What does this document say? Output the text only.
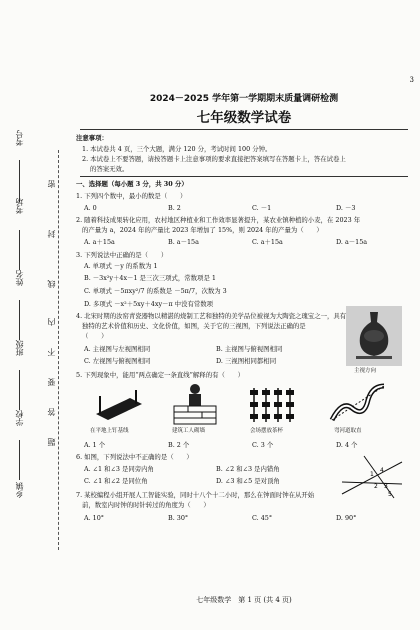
考号
考场
姓名
班级
学校
乡镇
密
封
线
内
不
要
答
题
3
2024－2025 学年第一学期期末质量调研检测
七年级数学试卷
注意事项：
1. 本试卷共 4 页，三个大题，满分 120 分，考试时间 100 分钟。
2. 本试卷上不要答题，请按答题卡上注意事项的要求直接把答案填写在答题卡上，答在试卷上
的答案无效。
一、选择题（每小题 3 分，共 30 分）
1. 下列四个数中，最小的数是（　　）
A. 0	B. 2	C. －1	D. －3
2. 随着科技成果转化应用，农村地区种植业和工作效率显著提升，某农业镇种植的小麦，在 2023 年
的产量为 a，2024 年的产量比 2023 年增加了 15%，则 2024 年的产量为（　　）
A. a＋15a	B. a－15a	C. a＋15a	D. a－15a
3. 下列说法中正确的是（　　）
A. 单项式 －y 的系数为 1
B. －3x²y＋4x－1 是三次三项式，常数项是 1
C. 单项式 －5πxy²/7 的系数是 －5π/7，次数为 3
D. 多项式 －x²＋5xy＋4xy－π 中没有常数项
4. 北宋时期的汝窑青瓷器物以精湛的烧制工艺和独特的美学品位被视为大陶瓷之瑰宝之一，具有
独特的艺术价值和历史、文化价值，如图，关于它的三视图，下列说法正确的是
（　　）
A. 主视图与左视图相同	B. 主视图与俯视图相同
C. 左视图与俯视图相同	D. 三视图相同都相同
主视方向
5. 下列现象中，能用“两点确定一条直线”解释的有（　　）
在平地上钉基线	建筑工人砌墙	会场摆放茶杯	弯河道取直
A. 1 个	B. 2 个	C. 3 个	D. 4 个
6. 如图，下列说法中不正确的是（　　）
A. ∠1 和∠3 是同旁内角	B. ∠2 和∠3 是内错角
C. ∠1 和∠2 是同位角	D. ∠3 和∠5 是对顶角
1
2 3
5
4
7. 某校编程小组开展人工智能实验，同时十八个十二小时，那么在钟面时钟在从开始
前，数室内时钟的时针转过的角度为（　　）
A. 10°	B. 30°	C. 45°	D. 90°
七年级数学　第 1 页 (共 4 页)
